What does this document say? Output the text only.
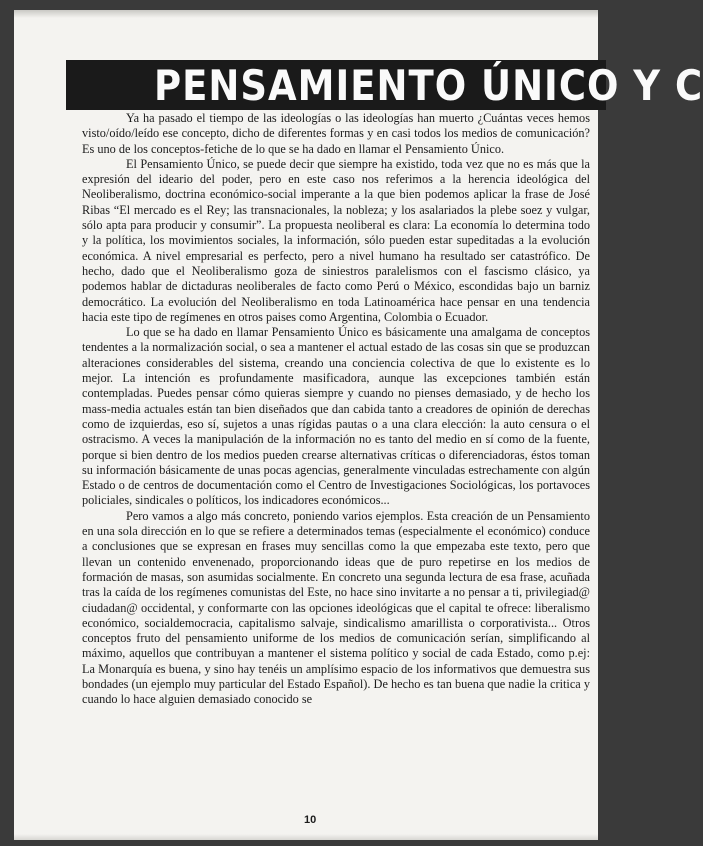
PENSAMIENTO ÚNICO Y C

Ya ha pasado el tiempo de las ideologías o las ideologías han muerto ¿Cuántas veces hemos visto/oído/leído ese concepto, dicho de diferentes formas y en casi todos los medios de comunicación? Es uno de los conceptos-fetiche de lo que se ha dado en llamar el Pensamiento Único.

El Pensamiento Único, se puede decir que siempre ha existido, toda vez que no es más que la expresión del ideario del poder, pero en este caso nos referimos a la herencia ideológica del Neoliberalismo, doctrina económico-social imperante a la que bien podemos aplicar la frase de José Ribas “El mercado es el Rey; las transnacionales, la nobleza; y los asalariados la plebe soez y vulgar, sólo apta para producir y consumir”. La propuesta neoliberal es clara: La economía lo determina todo y la política, los movimientos sociales, la información, sólo pueden estar supeditadas a la evolución económica. A nivel empresarial es perfecto, pero a nivel humano ha resultado ser catastrófico. De hecho, dado que el Neoliberalismo goza de siniestros paralelismos con el fascismo clásico, ya podemos hablar de dictaduras neoliberales de facto como Perú o México, escondidas bajo un barniz democrático. La evolución del Neoliberalismo en toda Latinoamérica hace pensar en una tendencia hacia este tipo de regímenes en otros paises como Argentina, Colombia o Ecuador.

Lo que se ha dado en llamar Pensamiento Único es básicamente una amalgama de conceptos tendentes a la normalización social, o sea a mantener el actual estado de las cosas sin que se produzcan alteraciones considerables del sistema, creando una conciencia colectiva de que lo existente es lo mejor. La intención es profundamente masificadora, aunque las excepciones también están contempladas. Puedes pensar cómo quieras siempre y cuando no pienses demasiado, y de hecho los mass-media actuales están tan bien diseñados que dan cabida tanto a creadores de opinión de derechas como de izquierdas, eso sí, sujetos a unas rígidas pautas o a una clara elección: la auto censura o el ostracismo. A veces la manipulación de la información no es tanto del medio en sí como de la fuente, porque si bien dentro de los medios pueden crearse alternativas críticas o diferenciadoras, éstos toman su información básicamente de unas pocas agencias, generalmente vinculadas estrechamente con algún Estado o de centros de documentación como el Centro de Investigaciones Sociológicas, los portavoces policiales, sindicales o políticos, los indicadores económicos...

Pero vamos a algo más concreto, poniendo varios ejemplos. Esta creación de un Pensamiento en una sola dirección en lo que se refiere a determinados temas (especialmente el económico) conduce a conclusiones que se expresan en frases muy sencillas como la que empezaba este texto, pero que llevan un contenido envenenado, proporcionando ideas que de puro repetirse en los medios de formación de masas, son asumidas socialmente. En concreto una segunda lectura de esa frase, acuñada tras la caída de los regímenes comunistas del Este, no hace sino invitarte a no pensar a ti, privilegiad@ ciudadan@ occidental, y conformarte con las opciones ideológicas que el capital te ofrece: liberalismo económico, socialdemocracia, capitalismo salvaje, sindicalismo amarillista o corporativista... Otros conceptos fruto del pensamiento uniforme de los medios de comunicación serían, simplificando al máximo, aquellos que contribuyan a mantener el sistema político y social de cada Estado, como p.ej: La Monarquía es buena, y sino hay tenéis un amplísimo espacio de los informativos que demuestra sus bondades (un ejemplo muy particular del Estado Español). De hecho es tan buena que nadie la critica y cuando lo hace alguien demasiado conocido se

10
